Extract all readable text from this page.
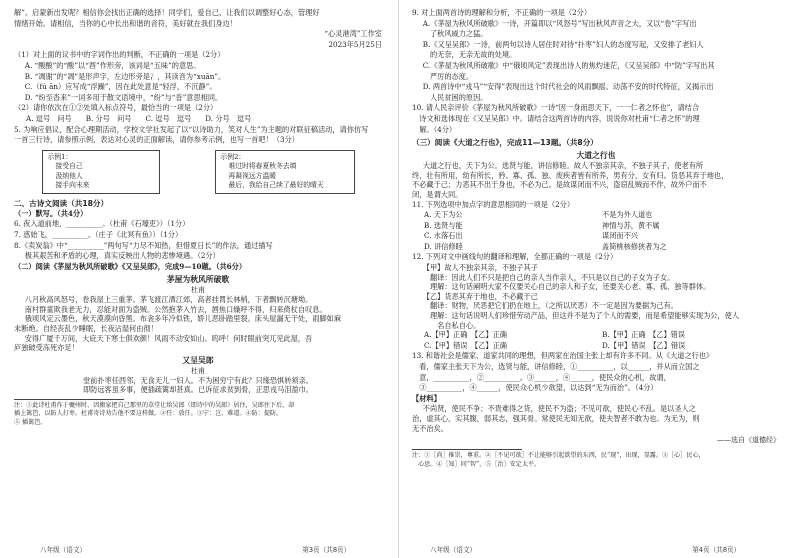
解”。启蒙新出发呢？相信你会找出正确的选择！同学们，爱自己，让我们以调整好心态，管理好

情绪开始。请相信，当你的心中长出和谐的音符，美好就在我们身边！

“心灵港湾”工作室

2023年5月25日

（1）对上面的议书中的字词作出的判断，不正确的一项是（2分）

A. “酸酸”的“酸”以“酉”作形旁，该词是“五味”的意思。

B. “凋谢”的“凋”是形声字，左边形旁是冫，其读音为“xuān”。

C.（fú ān）应写成“浮躁”，因在此处意是“轻浮，不沉静”。

D. “纷至沓来”一词多用于散文语境中，“纷”与“沓”意思相同。

（2）请你依次在①②处填入标点符号，最恰当的一项是（2分）

A. 逗号　问号 B. 分号　问号 C. 逗号　逗号 D. 分号　逗号

5. 为响应倡议，配合心理期活动，学校文学社发起了以“以诗助力，笑对人生”为主题的对联征稿活动，请你仿写

一首三行诗，请参照示例，表达对心灵的正面解读，请你参考示例，也写一首吧！（3分）

示例1：
接受自己
汲纳他人
接手向未来
示例2：
难过时将春夏秋冬去填
再凝视远方温暖
最后，我给自己续了最好的晴天

二、古诗文阅读（共18分）

（一）默写。（共4分）

6. 夜入道前地，__________。（杜甫《石壕吏》）（1分）

7. 惑始飞，__________。（庄子《北冥有鱼》）（1分）

8.《卖炭翁》中“__________”两句写“力尽不知热，但惜夏日长”的作法，通过描写

极其艰苦和矛盾的心理，真实反映出人物的悲惨境遇。（2分）

（二）阅读《茅屋为秋风所破歌》《又呈吴郎》，完成9—10题。（共6分）

茅屋为秋风所破歌

杜甫

八月秋高风怒号，卷我屋上三重茅。茅飞渡江洒江郊，高者挂罥长林梢，下者飘转沉塘坳。

南村群童欺我老无力，忍能对面为盗贼。公然抱茅入竹去，唇焦口燥呼不得，归来倚杖自叹息。

俄顷风定云墨色，秋天漠漠向昏黑。布衾多年冷似铁，娇儿恶卧踏里裂。床头屋漏无干处，雨脚如麻

未断绝。自经丧乱少睡眠，长夜沾湿何由彻！

安得广厦千万间，大庇天下寒士俱欢颜！风雨不动安如山。呜呼！何时眼前突兀见此屋，吾

庐独破受冻死亦足！

又呈吴郎

杜甫

堂前扑枣任西邻，无食无儿一妇人。不为困穷宁有此？只缘恐惧转须亲。

即防远客虽多事，便插疏篱却甚真。已诉征求贫到骨，正思戎马泪盈巾。

注：①此诗杜甫作于夔州时，因搬家把自己那里的草堂让给吴郎（即诗中的吴郎）居住，吴郎住下后，却

插上篱笆，以防人打枣。杜甫寄诗劝告他不要这样做。②任：放任。③宁：岂，难道。④防：提防，

⑤ 插篱笆。

9. 对上面两首诗的理解和分析，不正确的一项是（2分）

A.《茅屋为秋风所破歌》一诗，开篇即以“风怒号”写出秋风声音之大，又以“卷”字写出

　了秋风威力之猛。

B.《又呈吴郎》一诗，前两句以诗人居住时对待“扑枣”妇人的态度写起，又安排了老妇人

　的无奈，无亲无故的处境。

C.《茅屋为秋风所破歌》中“俄顷风定”表现出诗人的焦灼迷茫，《又呈吴郎》中“防”字写出其

　严厉的态度。

D. 两首诗中“戎马”“安得”表现出这个时代社会的风雨飘摇、动荡不安的时代特征，又揭示出

　人民贫困的原因。

10. 请人民亲评价《茅屋为秋风所破歌》一诗“因一身而思天下，一一仁者之怀也”，请结合

　诗文和选体现在《又呈吴郎》中。请结合这两首诗的内容，说说你对杜甫“仁者之怀”的理

　解。（4分）

（三）阅读《大道之行也》，完成11—13题。（共8分）

大道之行也

大道之行也，天下为公。选贤与能，讲信修睦。故人不独亲其亲，不独子其子，使老有所

终，壮有所用，幼有所长，矜、寡、孤、独、废疾者皆有所养，男有分，女有归。货恶其弃于地也，

不必藏于己；力恶其不出于身也，不必为己。是故谋闭而不兴，盗窃乱贼而不作，故外户而不

闭，是谓大同。

11. 下列选项中加点字的意思相同的一项是（2分）

A. 天下为公	不是为外人道也
B. 选贤与能	神情与苏，黄不属
C. 水落石出	谋闭而不兴
D. 讲信修睦	盖简桃核修狭者为之

12. 下列对文中画线句的翻译和理解，全都正确的一项是（2分）

【甲】故人不独亲其亲，不独子其子

　翻译：因此人们不只是把自己的亲人当作亲人，不只是以自己的子女为子女。

　理解：这句话阐明大家不仅要关心自己的亲人和子女，还要关心老、寡、孤、独等群体。

【乙】货恶其弃于地也，不必藏于己

　翻译：财物，厌恶把它们扔在地上，（之所以厌恶）不一定是因为要据为己有。

　理解：这句话说明人们珍惜劳动产品，但这并不是为了个人的需要，而是希望能够实现为公，使人

　　名自私自心。

A.【甲】正确　【乙】正确	B.【甲】正确　【乙】错误
C.【甲】错误　【乙】正确	D.【甲】错误　【乙】错误

13. 和谐社会是儒家、道家共同的理想，但两家在治国主张上却有许多不同。从《大道之行也》

　看，儒家主张天下为公，选贤与能，讲信修睦，①__________，以______，并从而立国之

　意，__________，②__________。③______，④______，使民众的心机，故谓，

　③__________，④______，使民众心机少欲望，以达到“无为而治”。（4分）

【材料】

不尚贤，使民不争；不贵难得之货，使民不为盗；不见可欲，使民心不乱。是以圣人之

治，虚其心，实其腹，弱其志，强其骨。常使民无知无欲，使夫智者不敢为也。为无为，则

无不治矣。

——选自《道德经》

注：①［尚］推崇，尊重。②［不见可欲］不让能够引起欲望的东西，民“现”，出现，显露。③［心］民心，

　心思。④［知］同“智”，⑤［治］安定太平。

八年级（语文）	第3页（共8页）	八年级（语文）	第4页（共8页）
